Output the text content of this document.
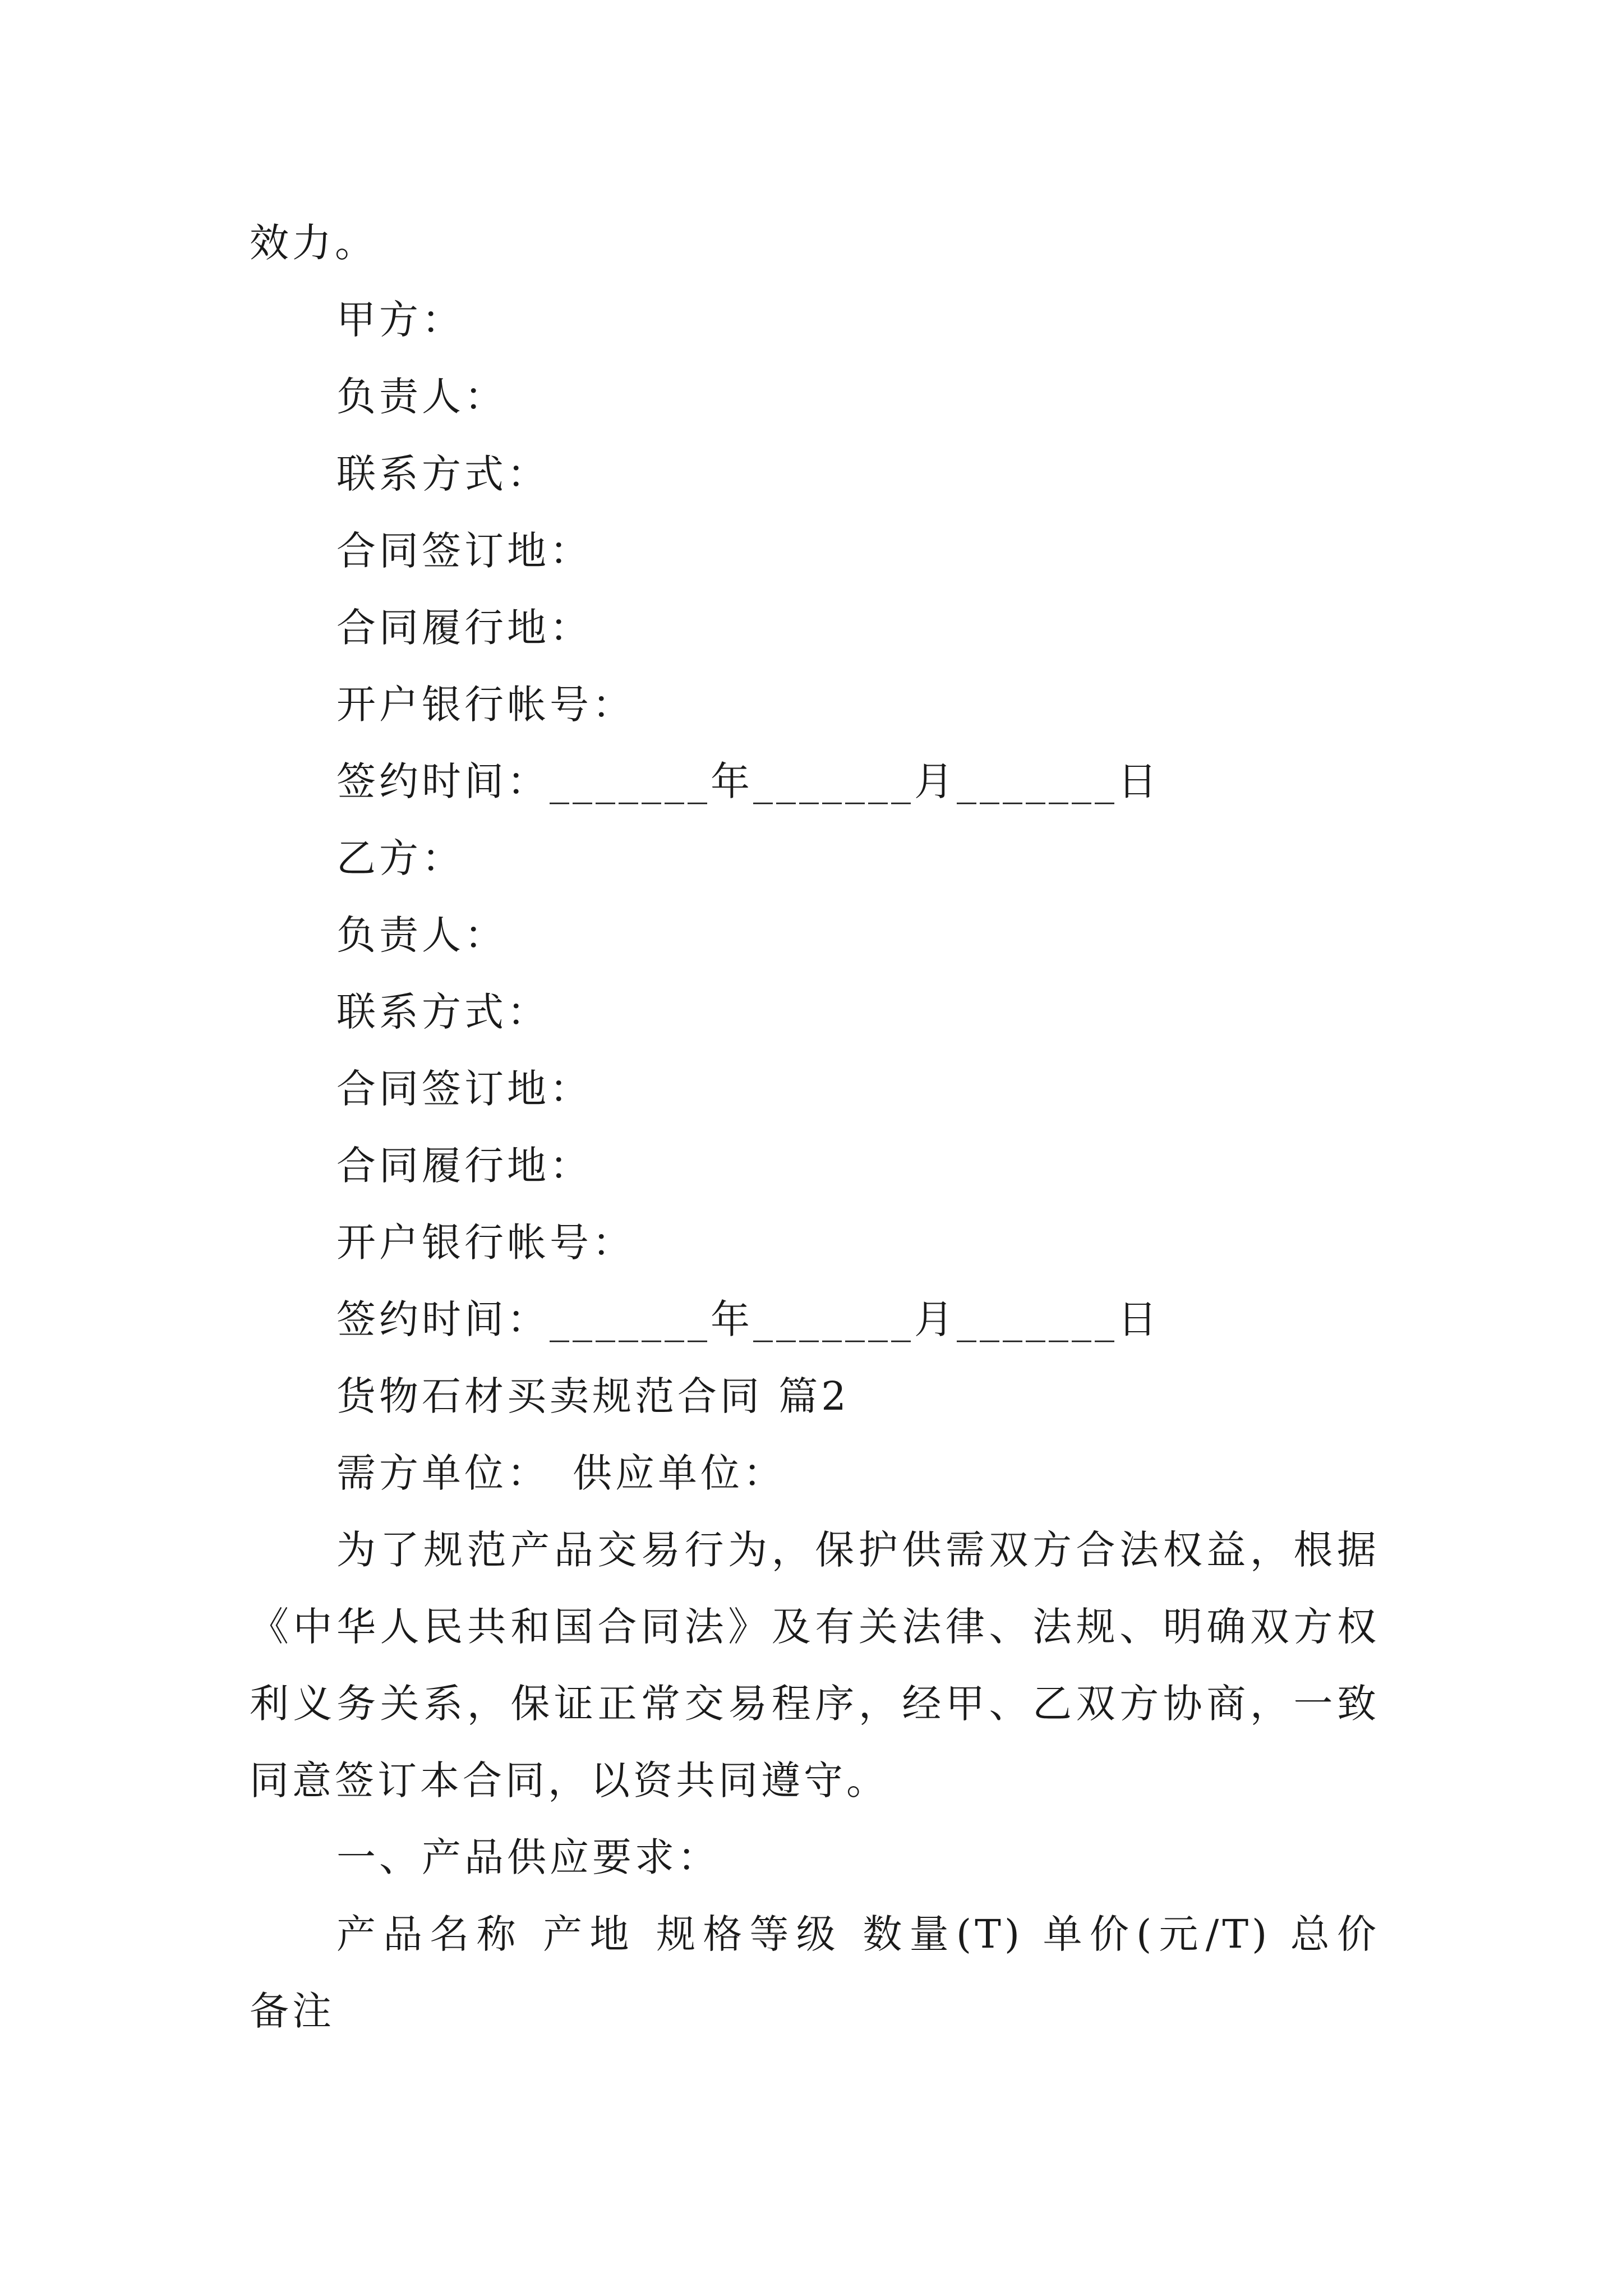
效力。
甲方：
负责人：
联系方式：
合同签订地：
合同履行地：
开户银行帐号：
签约时间：_______年_______月_______日
乙方：
负责人：
联系方式：
合同签订地：
合同履行地：
开户银行帐号：
签约时间：_______年_______月_______日
货物石材买卖规范合同 篇2
需方单位：　供应单位：
为了规范产品交易行为，保护供需双方合法权益，根据
《中华人民共和国合同法》及有关法律、法规、明确双方权
利义务关系，保证正常交易程序，经甲、乙双方协商，一致
同意签订本合同，以资共同遵守。
一、产品供应要求：
产品名称 产地 规格等级 数量(T) 单价(元/T) 总价
备注
